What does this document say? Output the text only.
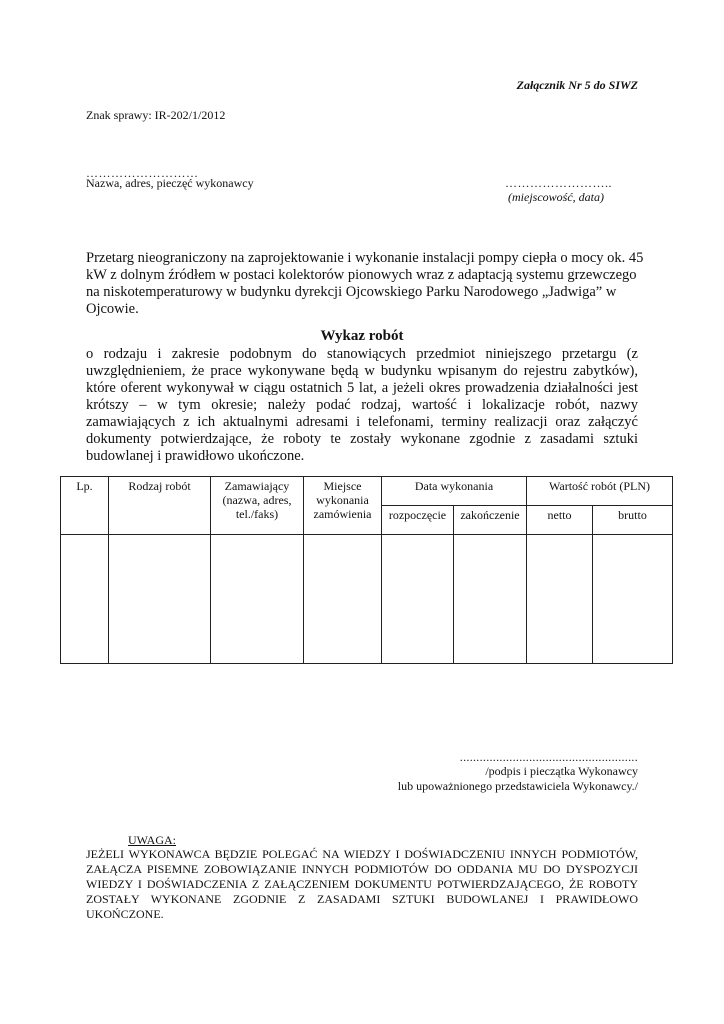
Załącznik Nr 5 do SIWZ
Znak sprawy: IR-202/1/2012
………………………
Nazwa, adres, pieczęć wykonawcy	……………………..
(miejscowość, data)
Przetarg nieograniczony na zaprojektowanie i wykonanie instalacji pompy ciepła o mocy ok. 45 kW z dolnym źródłem w postaci kolektorów pionowych wraz z adaptacją systemu grzewczego na niskotemperaturowy w budynku dyrekcji Ojcowskiego Parku Narodowego „Jadwiga” w Ojcowie.
Wykaz robót
o rodzaju i zakresie podobnym do stanowiących przedmiot niniejszego przetargu (z uwzględnieniem, że prace wykonywane będą w budynku wpisanym do rejestru zabytków), które oferent wykonywał w ciągu ostatnich 5 lat, a jeżeli okres prowadzenia działalności jest krótszy – w tym okresie; należy podać rodzaj, wartość i lokalizacje robót, nazwy zamawiających z ich aktualnymi adresami i telefonami, terminy realizacji oraz załączyć dokumenty potwierdzające, że roboty te zostały wykonane zgodnie z zasadami sztuki budowlanej i prawidłowo ukończone.
Lp.	Rodzaj robót	Zamawiający (nazwa, adres, tel./faks)	Miejsce wykonania zamówienia	Data wykonania		Wartość robót (PLN)	
				rozpoczęcie	zakończenie	netto	brutto

......................................................
/podpis i pieczątka Wykonawcy
lub upoważnionego przedstawiciela Wykonawcy./
UWAGA:
JEŻELI WYKONAWCA BĘDZIE POLEGAĆ NA WIEDZY I DOŚWIADCZENIU INNYCH PODMIOTÓW, ZAŁĄCZA PISEMNE ZOBOWIĄZANIE INNYCH PODMIOTÓW DO ODDANIA MU DO DYSPOZYCJI WIEDZY I DOŚWIADCZENIA Z ZAŁĄCZENIEM DOKUMENTU POTWIERDZAJĄCEGO, ŻE ROBOTY ZOSTAŁY WYKONANE ZGODNIE Z ZASADAMI SZTUKI BUDOWLANEJ I PRAWIDŁOWO UKOŃCZONE.
